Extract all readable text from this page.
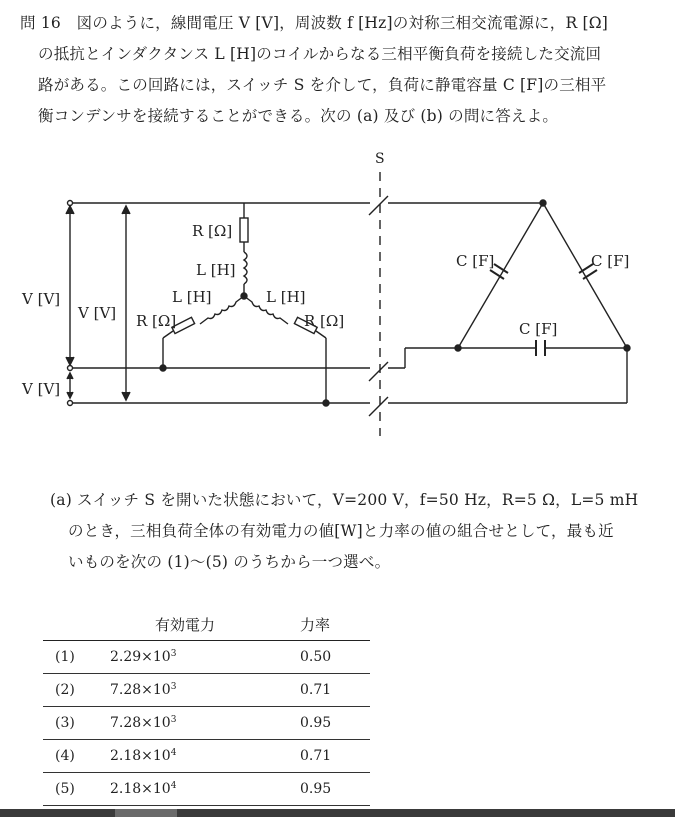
問 16　 図のように，線間電圧 V [V]，周波数 f [Hz]の対称三相交流電源に，R [Ω]
の抵抗とインダクタンス L [H]のコイルからなる三相平衡負荷を接続した交流回
路がある。この回路には，スイッチ S を介して，負荷に静電容量 C [F]の三相平
衡コンデンサを接続することができる。次の (a) 及び (b) の問に答えよ。
S
V [V]
V [V]
V [V]
R [Ω]
L [H]
L [H]	L [H]
R [Ω]	R [Ω]
C [F]	C [F]
C [F]
(a) スイッチ S を開いた状態において，V=200 V，f=50 Hz，R=5 Ω，L=5 mH
のとき，三相負荷全体の有効電力の値[W]と力率の値の組合せとして，最も近
いものを次の (1)～(5) のうちから一つ選べ。
	有効電力	力率
(1)	$2.29\times 10^3$	0.50
(2)	$7.28\times 10^3$	0.71
(3)	$7.28\times 10^3$	0.95
(4)	$2.18\times 10^4$	0.71
(5)	$2.18\times 10^4$	0.95
